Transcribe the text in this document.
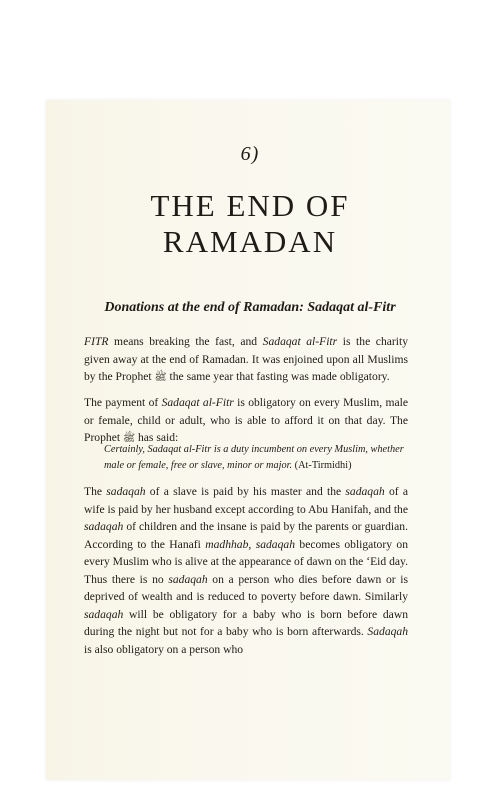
6)
THE END OF
RAMADAN
Donations at the end of Ramadan: Sadaqat al-Fitr

FITR means breaking the fast, and Sadaqat al-Fitr is the charity given away at the end of Ramadan. It was enjoined upon all Muslims by the Prophet ﷺ the same year that fasting was made obligatory.

The payment of Sadaqat al-Fitr is obligatory on every Muslim, male or female, child or adult, who is able to afford it on that day. The Prophet ﷺ has said:

Certainly, Sadaqat al-Fitr is a duty incumbent on every Muslim, whether male or female, free or slave, minor or major. (At-Tirmidhi)

The sadaqah of a slave is paid by his master and the sadaqah of a wife is paid by her husband except according to Abu Hanifah, and the sadaqah of children and the insane is paid by the parents or guardian. According to the Hanafi madhhab, sadaqah becomes obligatory on every Muslim who is alive at the appearance of dawn on the ‘Eid day. Thus there is no sadaqah on a person who dies before dawn or is deprived of wealth and is reduced to poverty before dawn. Similarly sadaqah will be obligatory for a baby who is born before dawn during the night but not for a baby who is born afterwards. Sadaqah is also obligatory on a person who
